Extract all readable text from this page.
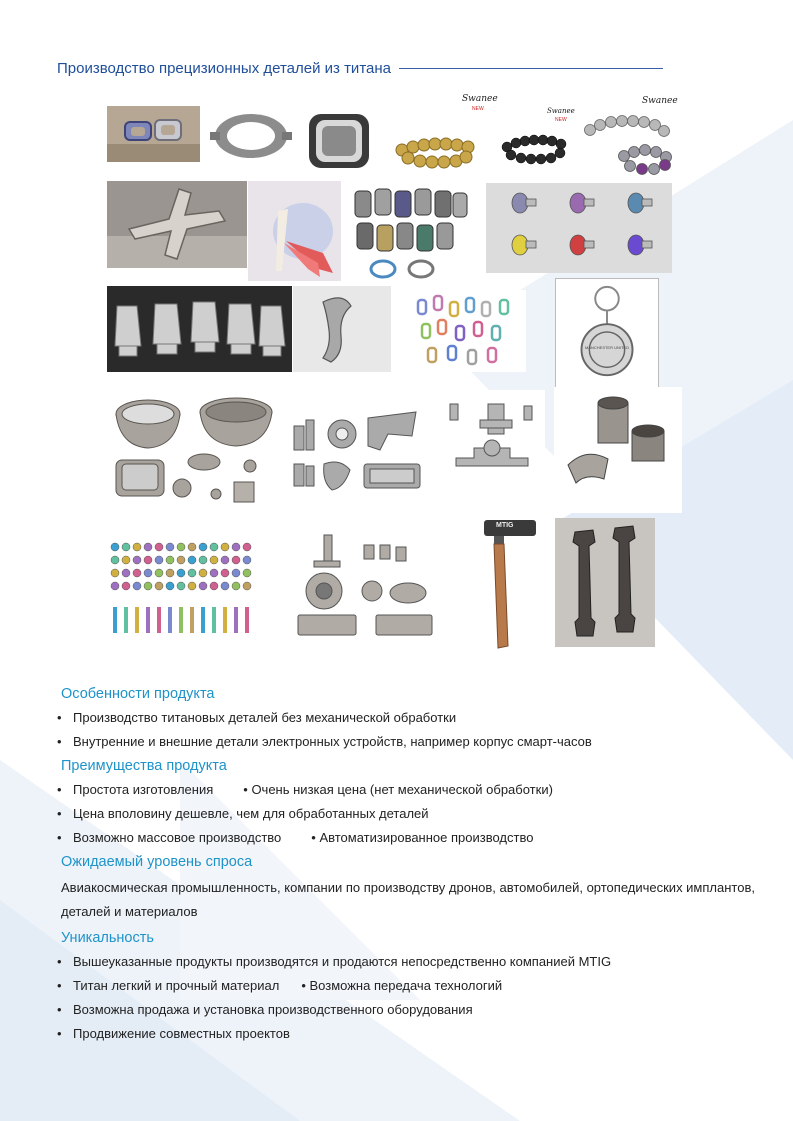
Производство прецизионных деталей из титана
Swanee
NEW	Swanee
NEW
Swanee
MANCHESTER UNITED
MTIG
Особенности продукта
• Производство титановых деталей без механической обработки
• Внутренние и внешние детали электронных устройств, например корпус смарт-часов
Преимущества продукта
• Простота изготовления • Очень низкая цена (нет механической обработки)
• Цена вполовину дешевле, чем для обработанных деталей
• Возможно массовое производство • Автоматизированное производство
Ожидаемый уровень спроса
Авиакосмическая промышленность, компании по производству дронов, автомобилей, ортопедических имплантов, деталей и материалов
Уникальность
• Вышеуказанные продукты производятся и продаются непосредственно компанией MTIG
• Титан легкий и прочный материал • Возможна передача технологий
• Возможна продажа и установка производственного оборудования
• Продвижение совместных проектов
